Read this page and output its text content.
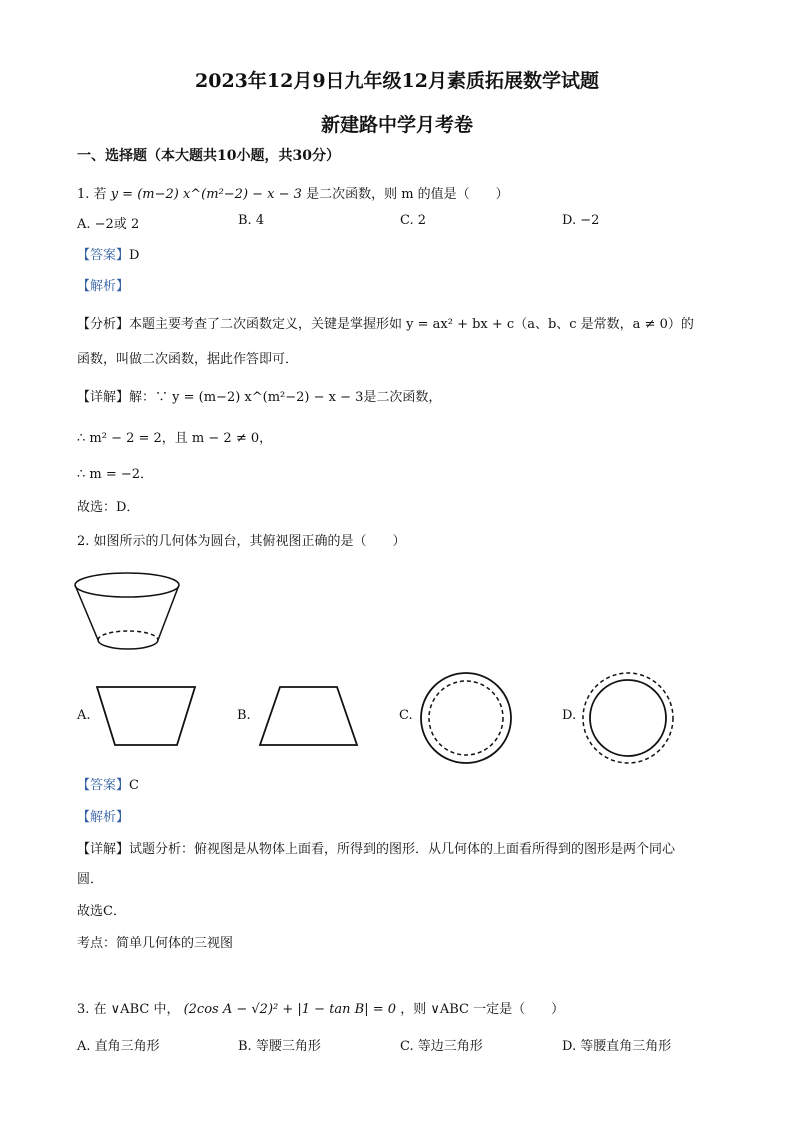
2023年12月9日九年级12月素质拓展数学试题
新建路中学月考卷
一、选择题（本大题共10小题，共30分）
1. 若 y = (m−2) x^(m²−2) − x − 3 是二次函数，则 m 的值是（　　）
A. −2或 2	B. 4	C. 2	D. −2
【答案】D
【解析】
【分析】本题主要考查了二次函数定义，关键是掌握形如 y = ax² + bx + c（a、b、c 是常数，a ≠ 0）的
函数，叫做二次函数，据此作答即可．
【详解】解：∵ y = (m−2) x^(m²−2) − x − 3是二次函数，
∴ m² − 2 = 2，且 m − 2 ≠ 0，
∴ m = −2．
故选：D．
2. 如图所示的几何体为圆台，其俯视图正确的是（　　）
A.	B.	C.	D.
【答案】C
【解析】
【详解】试题分析：俯视图是从物体上面看，所得到的图形．从几何体的上面看所得到的图形是两个同心
圆．
故选C．
考点：简单几何体的三视图
3. 在 ∨ABC 中， (2cos A − √2)² + |1 − tan B| = 0 ，则 ∨ABC 一定是（　　）
A. 直角三角形	B. 等腰三角形	C. 等边三角形	D. 等腰直角三角形
